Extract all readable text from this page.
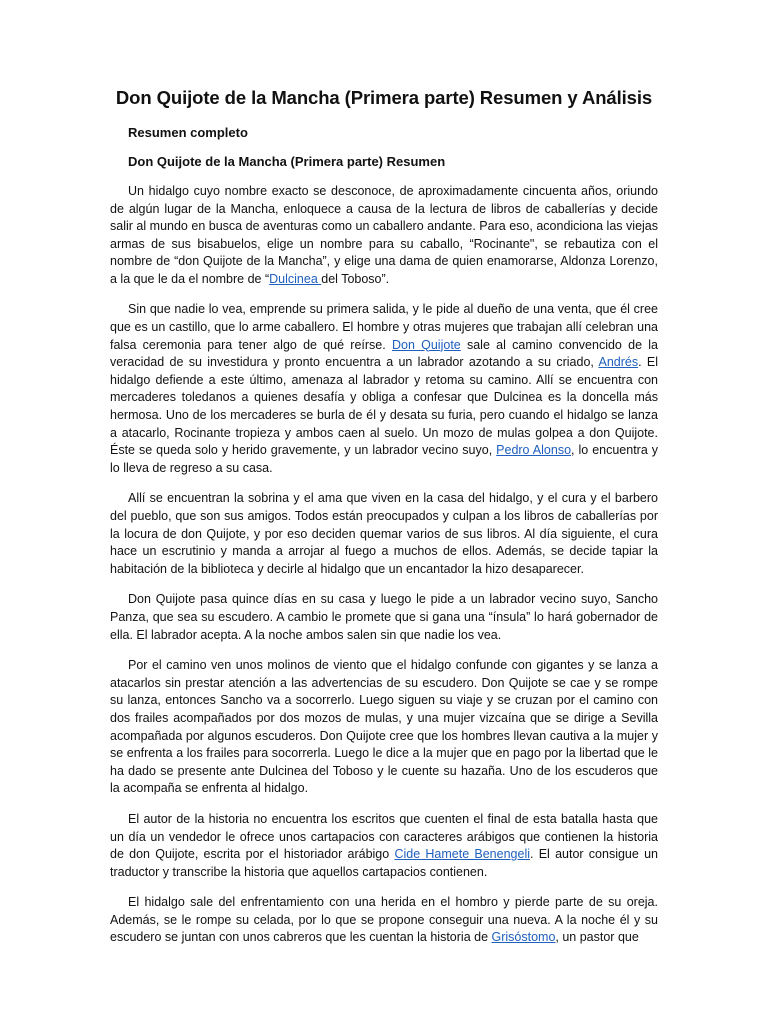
Don Quijote de la Mancha (Primera parte) Resumen y Análisis
Resumen completo
Don Quijote de la Mancha (Primera parte) Resumen

Un hidalgo cuyo nombre exacto se desconoce, de aproximadamente cincuenta años, oriundo de algún lugar de la Mancha, enloquece a causa de la lectura de libros de caballerías y decide salir al mundo en busca de aventuras como un caballero andante. Para eso, acondiciona las viejas armas de sus bisabuelos, elige un nombre para su caballo, “Rocinante", se rebautiza con el nombre de “don Quijote de la Mancha”, y elige una dama de quien enamorarse, Aldonza Lorenzo, a la que le da el nombre de “Dulcinea del Toboso”.

Sin que nadie lo vea, emprende su primera salida, y le pide al dueño de una venta, que él cree que es un castillo, que lo arme caballero. El hombre y otras mujeres que trabajan allí celebran una falsa ceremonia para tener algo de qué reírse. Don Quijote sale al camino convencido de la veracidad de su investidura y pronto encuentra a un labrador azotando a su criado, Andrés. El hidalgo defiende a este último, amenaza al labrador y retoma su camino. Allí se encuentra con mercaderes toledanos a quienes desafía y obliga a confesar que Dulcinea es la doncella más hermosa. Uno de los mercaderes se burla de él y desata su furia, pero cuando el hidalgo se lanza a atacarlo, Rocinante tropieza y ambos caen al suelo. Un mozo de mulas golpea a don Quijote. Éste se queda solo y herido gravemente, y un labrador vecino suyo, Pedro Alonso, lo encuentra y lo lleva de regreso a su casa.

Allí se encuentran la sobrina y el ama que viven en la casa del hidalgo, y el cura y el barbero del pueblo, que son sus amigos. Todos están preocupados y culpan a los libros de caballerías por la locura de don Quijote, y por eso deciden quemar varios de sus libros. Al día siguiente, el cura hace un escrutinio y manda a arrojar al fuego a muchos de ellos. Además, se decide tapiar la habitación de la biblioteca y decirle al hidalgo que un encantador la hizo desaparecer.

Don Quijote pasa quince días en su casa y luego le pide a un labrador vecino suyo, Sancho Panza, que sea su escudero. A cambio le promete que si gana una “ínsula” lo hará gobernador de ella. El labrador acepta. A la noche ambos salen sin que nadie los vea.

Por el camino ven unos molinos de viento que el hidalgo confunde con gigantes y se lanza a atacarlos sin prestar atención a las advertencias de su escudero. Don Quijote se cae y se rompe su lanza, entonces Sancho va a socorrerlo. Luego siguen su viaje y se cruzan por el camino con dos frailes acompañados por dos mozos de mulas, y una mujer vizcaína que se dirige a Sevilla acompañada por algunos escuderos. Don Quijote cree que los hombres llevan cautiva a la mujer y se enfrenta a los frailes para socorrerla. Luego le dice a la mujer que en pago por la libertad que le ha dado se presente ante Dulcinea del Toboso y le cuente su hazaña. Uno de los escuderos que la acompaña se enfrenta al hidalgo.

El autor de la historia no encuentra los escritos que cuenten el final de esta batalla hasta que un día un vendedor le ofrece unos cartapacios con caracteres arábigos que contienen la historia de don Quijote, escrita por el historiador arábigo Cide Hamete Benengeli. El autor consigue un traductor y transcribe la historia que aquellos cartapacios contienen.

El hidalgo sale del enfrentamiento con una herida en el hombro y pierde parte de su oreja. Además, se le rompe su celada, por lo que se propone conseguir una nueva. A la noche él y su escudero se juntan con unos cabreros que les cuentan la historia de Grisóstomo, un pastor que
